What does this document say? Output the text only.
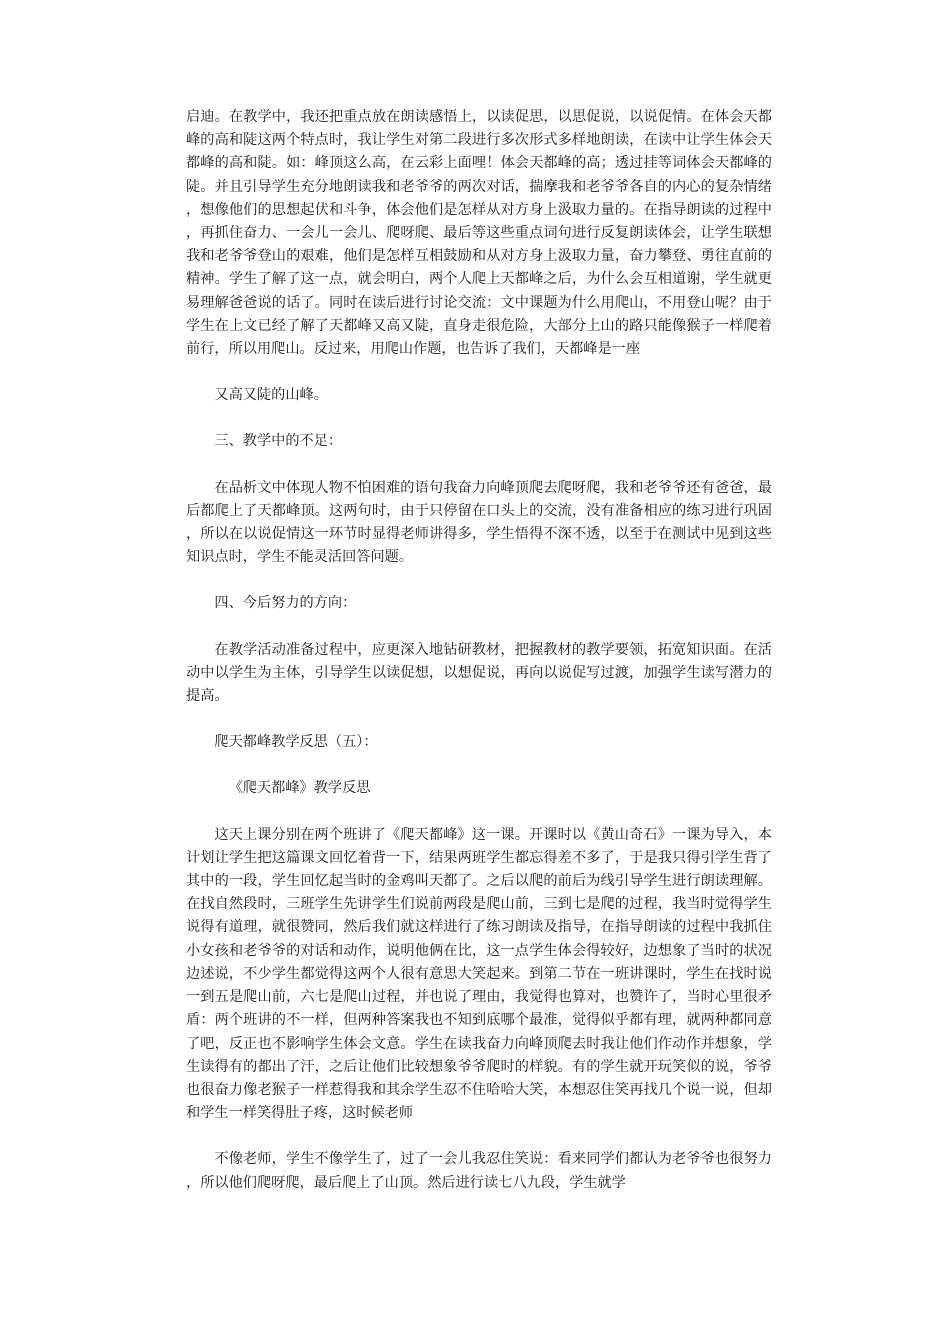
启迪。在教学中，我还把重点放在朗读感悟上，以读促思，以思促说，以说促情。在体会天都峰的高和陡这两个特点时，我让学生对第二段进行多次形式多样地朗读，在读中让学生体会天都峰的高和陡。如：峰顶这么高，在云彩上面哩！体会天都峰的高；透过挂等词体会天都峰的陡。并且引导学生充分地朗读我和老爷爷的两次对话，揣摩我和老爷爷各自的内心的复杂情绪，想像他们的思想起伏和斗争，体会他们是怎样从对方身上汲取力量的。在指导朗读的过程中，再抓住奋力、一会儿一会儿、爬呀爬、最后等这些重点词句进行反复朗读体会，让学生联想我和老爷爷登山的艰难，他们是怎样互相鼓励和从对方身上汲取力量，奋力攀登、勇往直前的精神。学生了解了这一点，就会明白，两个人爬上天都峰之后，为什么会互相道谢，学生就更易理解爸爸说的话了。同时在读后进行讨论交流：文中课题为什么用爬山，不用登山呢？由于学生在上文已经了解了天都峰又高又陡，直身走很危险，大部分上山的路只能像猴子一样爬着前行，所以用爬山。反过来，用爬山作题，也告诉了我们，天都峰是一座

又高又陡的山峰。

三、教学中的不足：

在品析文中体现人物不怕困难的语句我奋力向峰顶爬去爬呀爬，我和老爷爷还有爸爸，最后都爬上了天都峰顶。这两句时，由于只停留在口头上的交流，没有准备相应的练习进行巩固，所以在以说促情这一环节时显得老师讲得多，学生悟得不深不透，以至于在测试中见到这些知识点时，学生不能灵活回答问题。

四、今后努力的方向：

在教学活动准备过程中，应更深入地钻研教材，把握教材的教学要领，拓宽知识面。在活动中以学生为主体，引导学生以读促想，以想促说，再向以说促写过渡，加强学生读写潜力的提高。

爬天都峰教学反思（五）：

《爬天都峰》教学反思

这天上课分别在两个班讲了《爬天都峰》这一课。开课时以《黄山奇石》一课为导入，本计划让学生把这篇课文回忆着背一下，结果两班学生都忘得差不多了，于是我只得引学生背了其中的一段，学生回忆起当时的金鸡叫天都了。之后以爬的前后为线引导学生进行朗读理解。在找自然段时，三班学生先讲学生们说前两段是爬山前，三到七是爬的过程，我当时觉得学生说得有道理，就很赞同，然后我们就这样进行了练习朗读及指导，在指导朗读的过程中我抓住小女孩和老爷爷的对话和动作，说明他俩在比，这一点学生体会得较好，边想象了当时的状况边述说，不少学生都觉得这两个人很有意思大笑起来。到第二节在一班讲课时，学生在找时说一到五是爬山前，六七是爬山过程，并也说了理由，我觉得也算对，也赞许了，当时心里很矛盾：两个班讲的不一样，但两种答案我也不知到底哪个最准，觉得似乎都有理，就两种都同意了吧，反正也不影响学生体会文意。学生在读我奋力向峰顶爬去时我让他们作动作并想象，学生读得有的都出了汗，之后让他们比较想象爷爷爬时的样貌。有的学生就开玩笑似的说，爷爷也很奋力像老猴子一样惹得我和其余学生忍不住哈哈大笑，本想忍住笑再找几个说一说，但却和学生一样笑得肚子疼，这时候老师

不像老师，学生不像学生了，过了一会儿我忍住笑说：看来同学们都认为老爷爷也很努力，所以他们爬呀爬，最后爬上了山顶。然后进行读七八九段，学生就学
